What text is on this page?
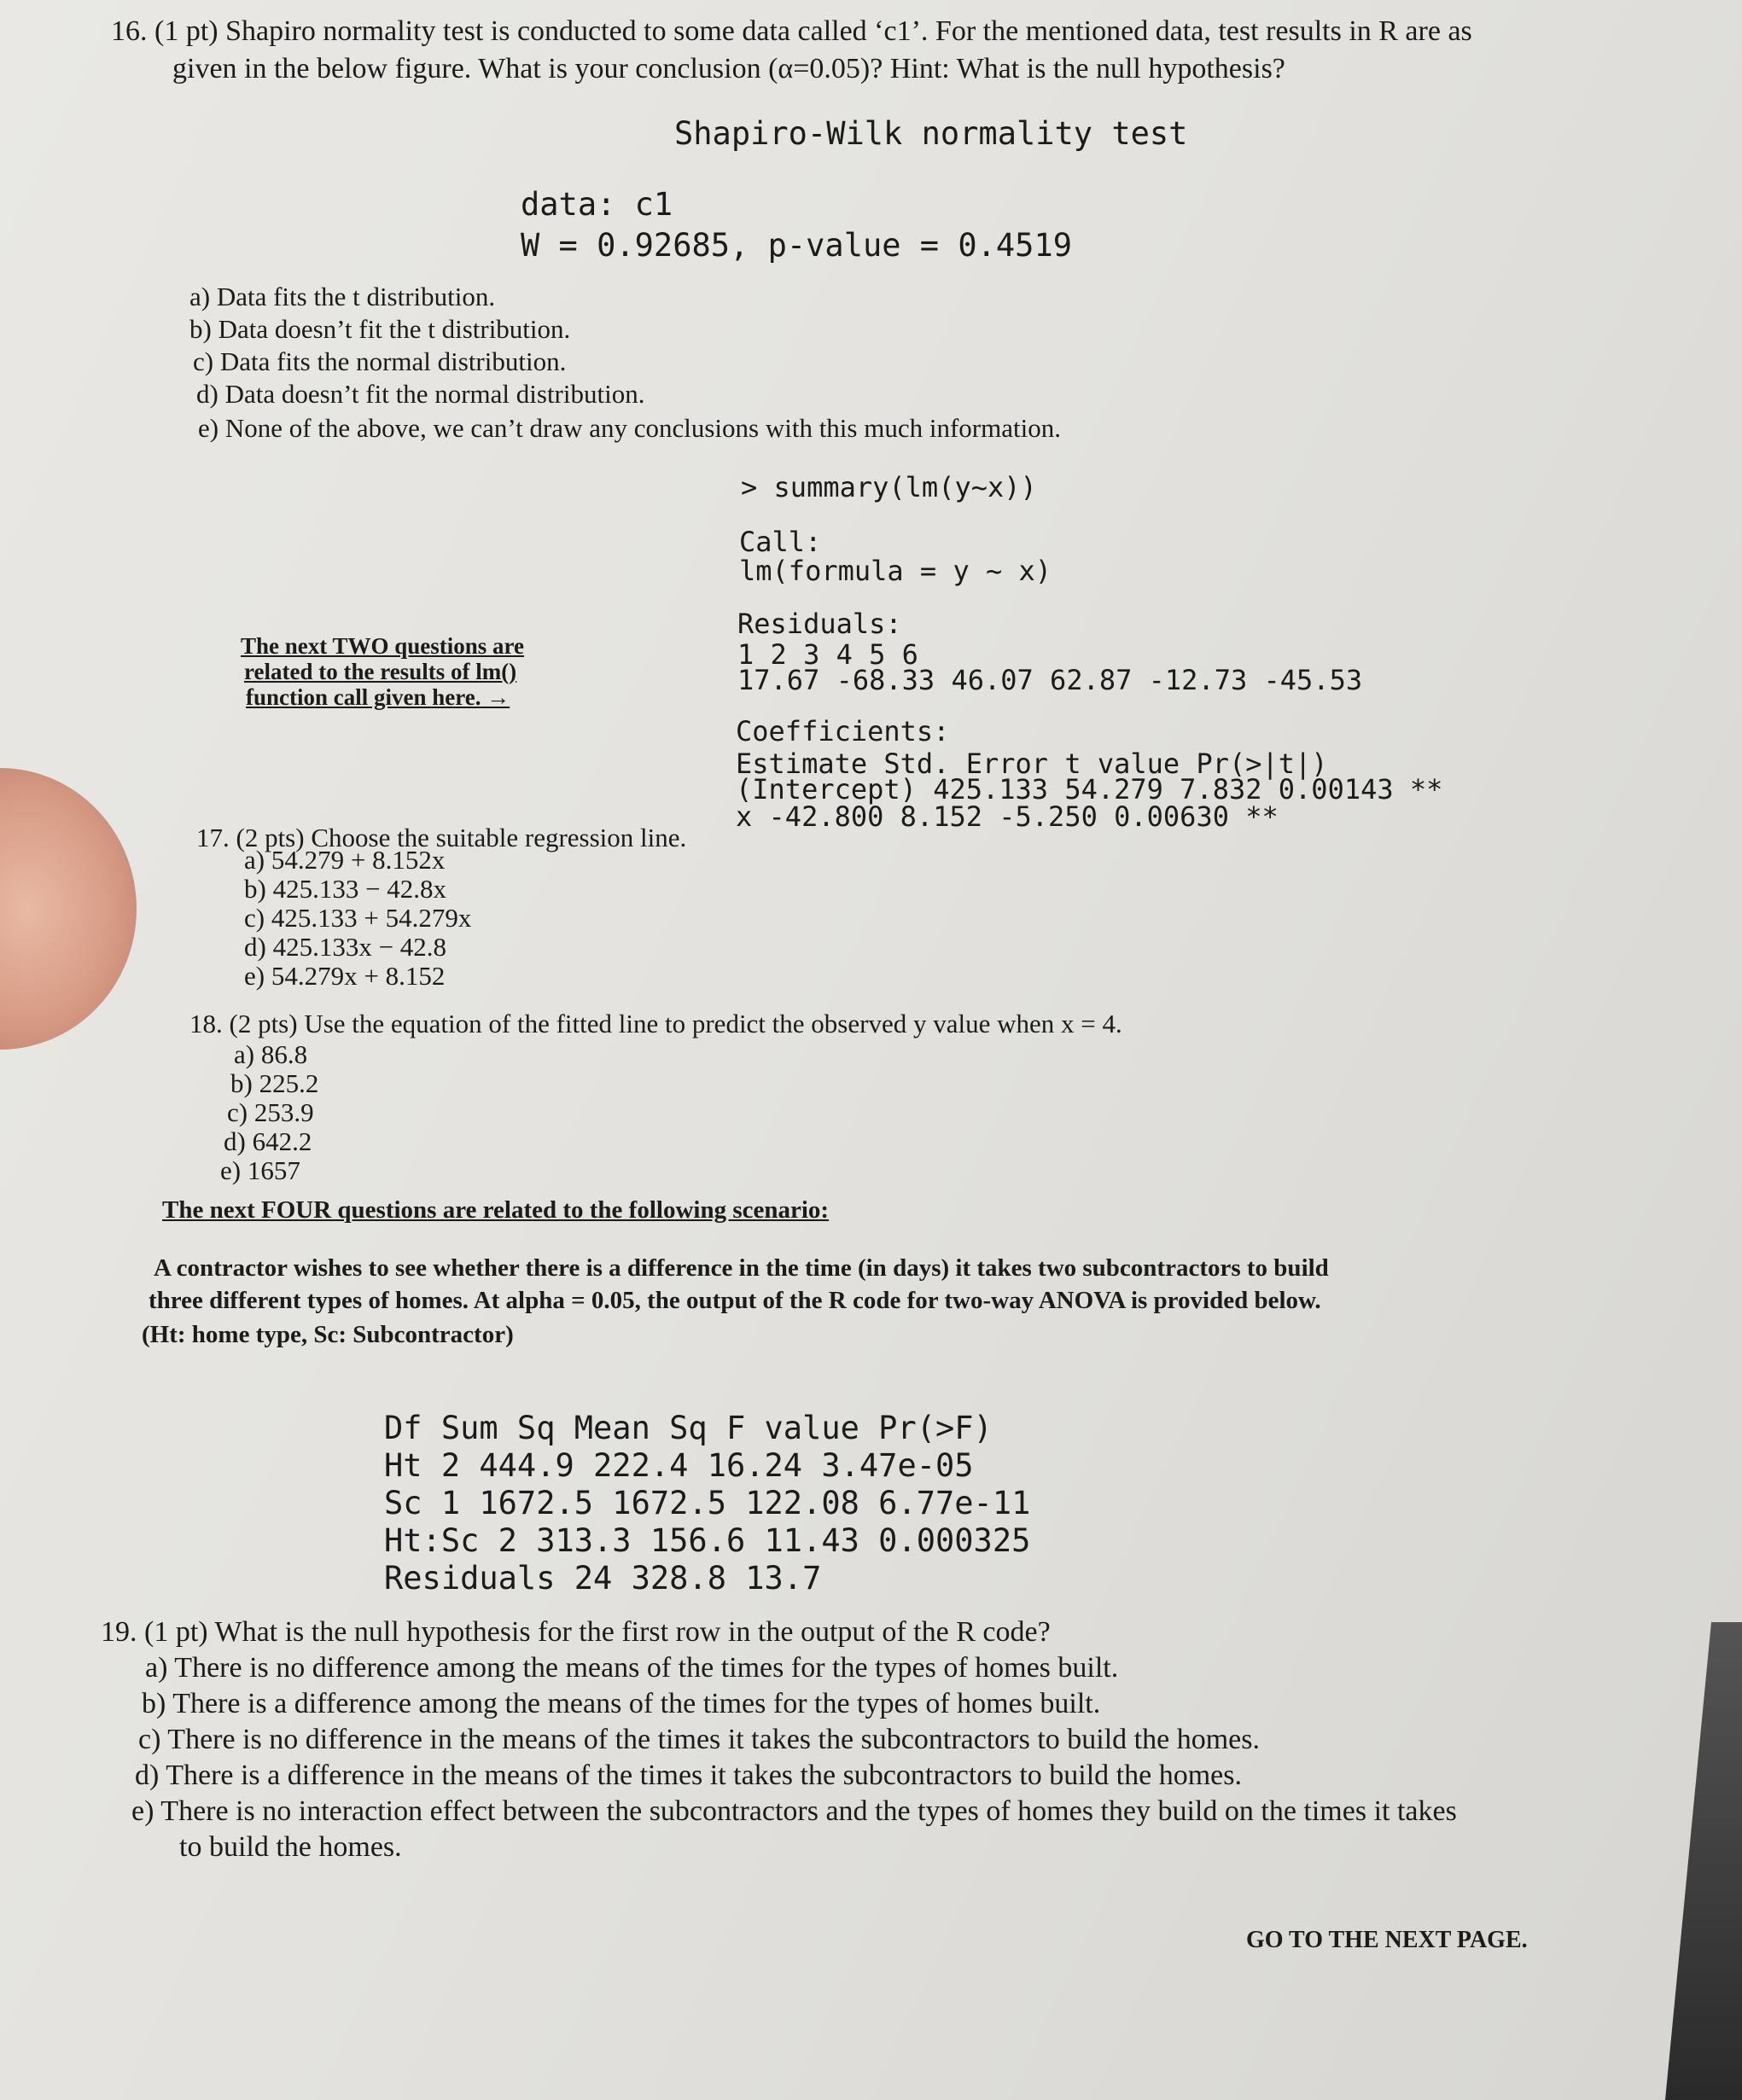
16. (1 pt) Shapiro normality test is conducted to some data called ‘c1’. For the mentioned data, test results in R are as
given in the below figure. What is your conclusion (α=0.05)? Hint: What is the null hypothesis?
Shapiro-Wilk normality test
data: c1
W = 0.92685, p-value = 0.4519
a) Data fits the t distribution.
b) Data doesn’t fit the t distribution.
c) Data fits the normal distribution.
d) Data doesn’t fit the normal distribution.
e) None of the above, we can’t draw any conclusions with this much information.
> summary(lm(y~x))
Call:
lm(formula = y ~ x)
Residuals:
1 2 3 4 5 6
17.67 -68.33 46.07 62.87 -12.73 -45.53
Coefficients:
Estimate Std. Error t value Pr(>|t|)
(Intercept) 425.133 54.279 7.832 0.00143 **
x -42.800 8.152 -5.250 0.00630 **
The next TWO questions are
related to the results of lm()
function call given here. →
17. (2 pts) Choose the suitable regression line.
a) 54.279 + 8.152x
b) 425.133 − 42.8x
c) 425.133 + 54.279x
d) 425.133x − 42.8
e) 54.279x + 8.152
18. (2 pts) Use the equation of the fitted line to predict the observed y value when x = 4.
a) 86.8
b) 225.2
c) 253.9
d) 642.2
e) 1657
The next FOUR questions are related to the following scenario:
A contractor wishes to see whether there is a difference in the time (in days) it takes two subcontractors to build
three different types of homes. At alpha = 0.05, the output of the R code for two-way ANOVA is provided below.
(Ht: home type, Sc: Subcontractor)
Df Sum Sq Mean Sq F value Pr(>F)
Ht 2 444.9 222.4 16.24 3.47e-05
Sc 1 1672.5 1672.5 122.08 6.77e-11
Ht:Sc 2 313.3 156.6 11.43 0.000325
Residuals 24 328.8 13.7
19. (1 pt) What is the null hypothesis for the first row in the output of the R code?
a) There is no difference among the means of the times for the types of homes built.
b) There is a difference among the means of the times for the types of homes built.
c) There is no difference in the means of the times it takes the subcontractors to build the homes.
d) There is a difference in the means of the times it takes the subcontractors to build the homes.
e) There is no interaction effect between the subcontractors and the types of homes they build on the times it takes
to build the homes.
GO TO THE NEXT PAGE.
